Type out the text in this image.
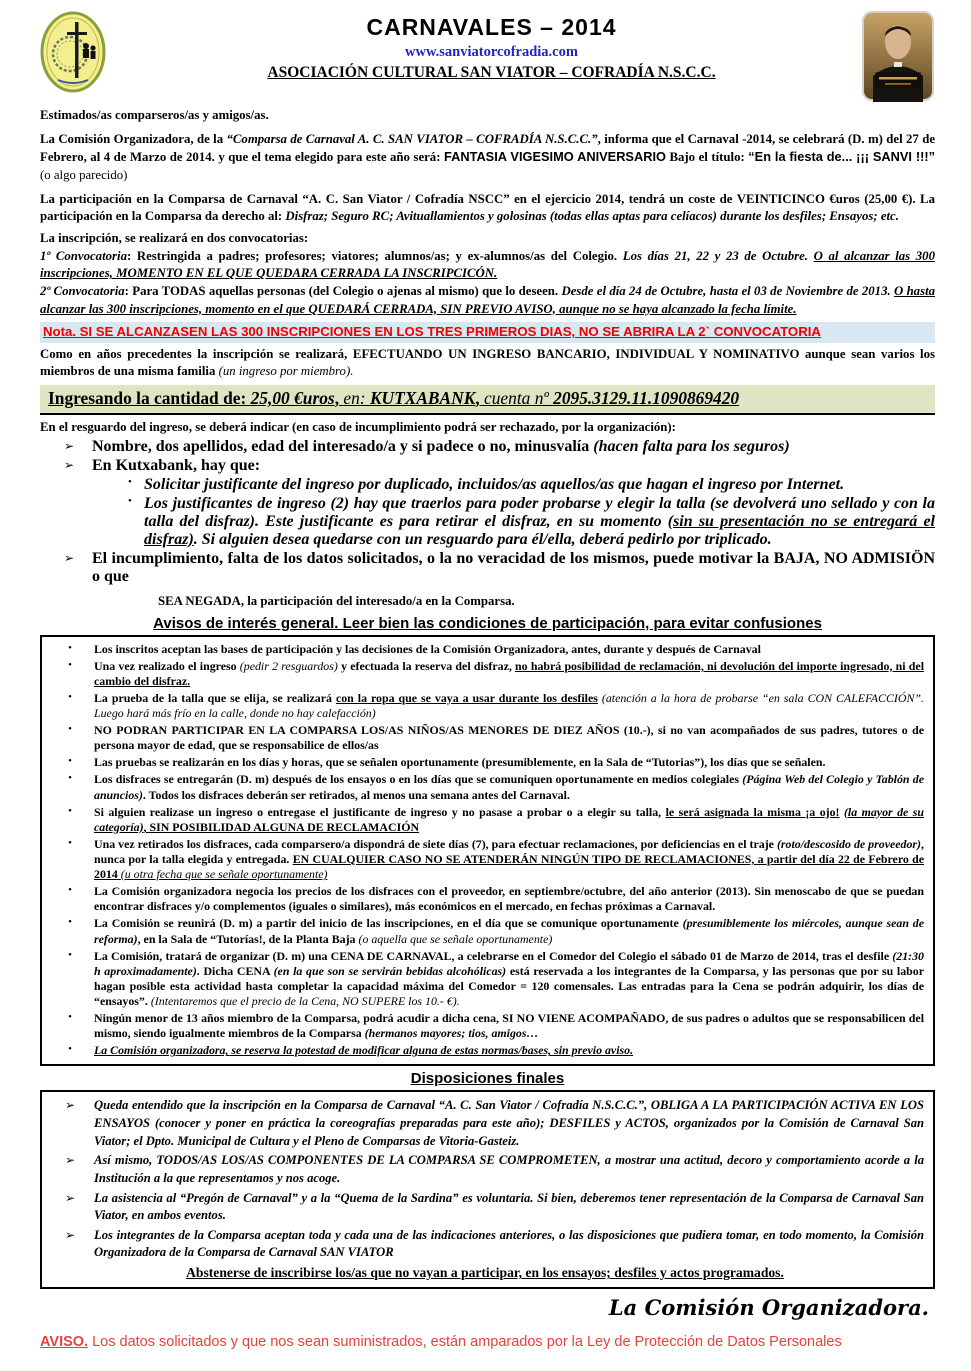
CARNAVALES – 2014
www.sanviatorcofradia.com
ASOCIACIÓN CULTURAL SAN VIATOR – COFRADÍA N.S.C.C.

Estimados/as comparseros/as y amigos/as.

La Comisión Organizadora, de la “Comparsa de Carnaval A. C. SAN VIATOR – COFRADÍA N.S.C.C.”, informa que el Carnaval -2014, se celebrará (D. m) del 27 de Febrero, al 4 de Marzo de 2014. y que el tema elegido para este año será: FANTASIA VIGESIMO ANIVERSARIO Bajo el título: “En la fiesta de... ¡¡¡ SANVI !!!” (o algo parecido)

La participación en la Comparsa de Carnaval “A. C. San Viator / Cofradía NSCC” en el ejercicio 2014, tendrá un coste de VEINTICINCO €uros (25,00 €). La participación en la Comparsa da derecho al: Disfraz; Seguro RC; Avituallamientos y golosinas (todas ellas aptas para celíacos) durante los desfiles; Ensayos; etc.

La inscripción, se realizará en dos convocatorias:

1º Convocatoria: Restringida a padres; profesores; viatores; alumnos/as; y ex-alumnos/as del Colegio. Los días 21, 22 y 23 de Octubre. O al alcanzar las 300 inscripciones, MOMENTO EN EL QUE QUEDARA CERRADA LA INSCRIPCICÓN.

2º Convocatoria: Para TODAS aquellas personas (del Colegio o ajenas al mismo) que lo deseen. Desde el día 24 de Octubre, hasta el 03 de Noviembre de 2013. O hasta alcanzar las 300 inscripciones, momento en el que QUEDARÁ CERRADA, SIN PREVIO AVISO, aunque no se haya alcanzado la fecha límite.

Nota. SI SE ALCANZASEN LAS 300 INSCRIPCIONES EN LOS TRES PRIMEROS DIAS, NO SE ABRIRA LA 2` CONVOCATORIA

Como en años precedentes la inscripción se realizará, EFECTUANDO UN INGRESO BANCARIO, INDIVIDUAL Y NOMINATIVO aunque sean varios los miembros de una misma familia (un ingreso por miembro).

Ingresando la cantidad de: 25,00 €uros, en: KUTXABANK, cuenta nº 2095.3129.11.1090869420

En el resguardo del ingreso, se deberá indicar (en caso de incumplimiento podrá ser rechazado, por la organización):

➢	Nombre, dos apellidos, edad del interesado/a y si padece o no, minusvalía (hacen falta para los seguros)
➢	En Kutxabank, hay que:
• Solicitar justificante del ingreso por duplicado, incluidos/as aquellos/as que hagan el ingreso por Internet.
• Los justificantes de ingreso (2) hay que traerlos para poder probarse y elegir la talla (se devolverá uno sellado y con la talla del disfraz). Este justificante es para retirar el disfraz, en su momento (sin su presentación no se entregará el disfraz). Si alguien desea quedarse con un resguardo para él/ella, deberá pedirlo por triplicado.
➢	El incumplimiento, falta de los datos solicitados, o la no veracidad de los mismos, puede motivar la BAJA, NO ADMISIÖN o que

SEA NEGADA, la participación del interesado/a en la Comparsa.

Avisos de interés general. Leer bien las condiciones de participación, para evitar confusiones
•	Los inscritos aceptan las bases de participación y las decisiones de la Comisión Organizadora, antes, durante y después de Carnaval
•	Una vez realizado el ingreso (pedir 2 resguardos) y efectuada la reserva del disfraz, no habrá posibilidad de reclamación, ni devolución del importe ingresado, ni del cambio del disfraz.
•	La prueba de la talla que se elija, se realizará con la ropa que se vaya a usar durante los desfiles (atención a la hora de probarse “en sala CON CALEFACCIÓN”. Luego hará más frío en la calle, donde no hay calefacción)
•	NO PODRAN PARTICIPAR EN LA COMPARSA LOS/AS NIÑOS/AS MENORES DE DIEZ AÑOS (10.-), si no van acompañados de sus padres, tutores o de persona mayor de edad, que se responsabilice de ellos/as
•	Las pruebas se realizarán en los días y horas, que se señalen oportunamente (presumiblemente, en la Sala de “Tutorias”), los días que se señalen.
•	Los disfraces se entregarán (D. m) después de los ensayos o en los días que se comuniquen oportunamente en medios colegiales (Página Web del Colegio y Tablón de anuncios). Todos los disfraces deberán ser retirados, al menos una semana antes del Carnaval.
•	Si alguien realizase un ingreso o entregase el justificante de ingreso y no pasase a probar o a elegir su talla, le será asignada la misma ¡a ojo! (la mayor de su categoría), SIN POSIBILIDAD ALGUNA DE RECLAMACIÓN
•	Una vez retirados los disfraces, cada comparsero/a dispondrá de siete días (7), para efectuar reclamaciones, por deficiencias en el traje (roto/descosido de proveedor), nunca por la talla elegida y entregada. EN CUALQUIER CASO NO SE ATENDERÁN NINGÚN TIPO DE RECLAMACIONES, a partir del día 22 de Febrero de 2014 (u otra fecha que se señale oportunamente)
•	La Comisión organizadora negocia los precios de los disfraces con el proveedor, en septiembre/octubre, del año anterior (2013). Sin menoscabo de que se puedan encontrar disfraces y/o complementos (iguales o similares), más económicos en el mercado, en fechas próximas a Carnaval.
•	La Comisión se reunirá (D. m) a partir del inicio de las inscripciones, en el día que se comunique oportunamente (presumiblemente los miércoles, aunque sean de reforma), en la Sala de “Tutorías!, de la Planta Baja (o aquella que se señale oportunamente)
•	La Comisión, tratará de organizar (D. m) una CENA DE CARNAVAL, a celebrarse en el Comedor del Colegio el sábado 01 de Marzo de 2014, tras el desfile (21:30 h aproximadamente). Dicha CENA (en la que son se servirán bebidas alcohólicas) está reservada a los integrantes de la Comparsa, y las personas que por su labor hagan posible esta actividad hasta completar la capacidad máxima del Comedor = 120 comensales. Las entradas para la Cena se podrán adquirir, los días de “ensayos”. (Intentaremos que el precio de la Cena, NO SUPERE los 10.- €).
•	Ningún menor de 13 años miembro de la Comparsa, podrá acudir a dicha cena, SI NO VIENE ACOMPAÑADO, de sus padres o adultos que se responsabilicen del mismo, siendo igualmente miembros de la Comparsa (hermanos mayores; tios, amigos…
•	La Comisión organizadora, se reserva la potestad de modificar alguna de estas normas/bases, sin previo aviso.
Disposiciones finales
➢	Queda entendido que la inscripción en la Comparsa de Carnaval “A. C. San Viator / Cofradía N.S.C.C.”, OBLIGA A LA PARTICIPACIÓN ACTIVA EN LOS ENSAYOS (conocer y poner en práctica la coreografías preparadas para este año); DESFILES y ACTOS, organizados por la Comisión de Carnaval San Viator; el Dpto. Municipal de Cultura y el Pleno de Comparsas de Vitoria-Gasteiz.
➢	Así mismo, TODOS/AS LOS/AS COMPONENTES DE LA COMPARSA SE COMPROMETEN, a mostrar una actitud, decoro y comportamiento acorde a la Institución a la que representamos y nos acoge.
➢	La asistencia al “Pregón de Carnaval” y a la “Quema de la Sardina” es voluntaria. Si bien, deberemos tener representación de la Comparsa de Carnaval San Viator, en ambos eventos.
➢	Los integrantes de la Comparsa aceptan toda y cada una de las indicaciones anteriores, o las disposiciones que pudiera tomar, en todo momento, la Comisión Organizadora de la Comparsa de Carnaval SAN VIATOR

Abstenerse de inscribirse los/as que no vayan a participar, en los ensayos; desfiles y actos programados.

La Comisión Organizadora.

AVISO. Los datos solicitados y que nos sean suministrados, están amparados por la Ley de Protección de Datos Personales
